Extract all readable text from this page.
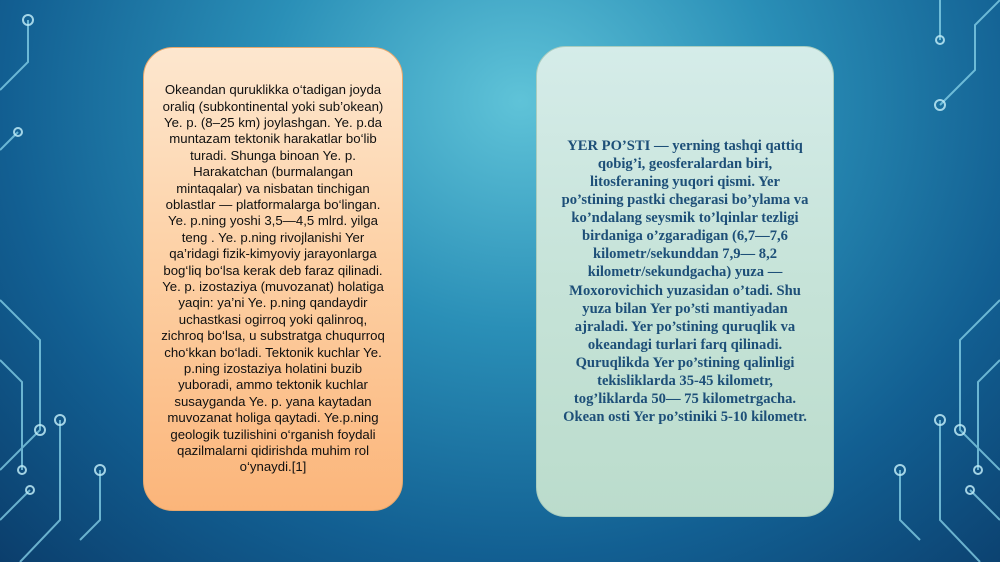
Okeandan quruklikka o‘tadigan joyda oraliq (subkontinental yoki sub’okean) Ye. p. (8–25 km) joylashgan. Ye. p.da muntazam tektonik harakatlar bo‘lib turadi. Shunga binoan Ye. p. Harakatchan (burmalangan mintaqalar) va nisbatan tinchigan oblastlar — platformalarga bo‘lingan. Ye. p.ning yoshi 3,5—4,5 mlrd. yilga teng . Ye. p.ning rivojlanishi Yer qa’ridagi fizik-kimyoviy jarayonlarga bog‘liq bo‘lsa kerak deb faraz qilinadi. Ye. p. izostaziya (muvozanat) holatiga yaqin: ya’ni Ye. p.ning qandaydir uchastkasi ogirroq yoki qalinroq, zichroq bo‘lsa, u substratga chuqurroq cho‘kkan bo‘ladi. Tektonik kuchlar Ye. p.ning izostaziya holatini buzib yuboradi, ammo tektonik kuchlar susayganda Ye. p. yana kaytadan muvozanat holiga qaytadi. Ye.p.ning geologik tuzilishini o‘rganish foydali qazilmalarni qidirishda muhim rol o‘ynaydi.[1]

YER PO’STI — yerning tashqi qattiq qobig’i, geosferalardan biri, litosferaning yuqori qismi. Yer po’stining pastki chegarasi bo’ylama va ko’ndalang seysmik to’lqinlar tezligi birdaniga o’zgaradigan (6,7—7,6 kilometr/sekunddan 7,9— 8,2 kilometr/sekundgacha) yuza — Moxorovichich yuzasidan o’tadi. Shu yuza bilan Yer po’sti mantiyadan ajraladi. Yer po’stining quruqlik va okeandagi turlari farq qilinadi. Quruqlikda Yer po’stining qalinligi tekisliklarda 35-45 kilometr, tog’liklarda 50— 75 kilometrgacha. Okean osti Yer po’stiniki 5-10 kilometr.
